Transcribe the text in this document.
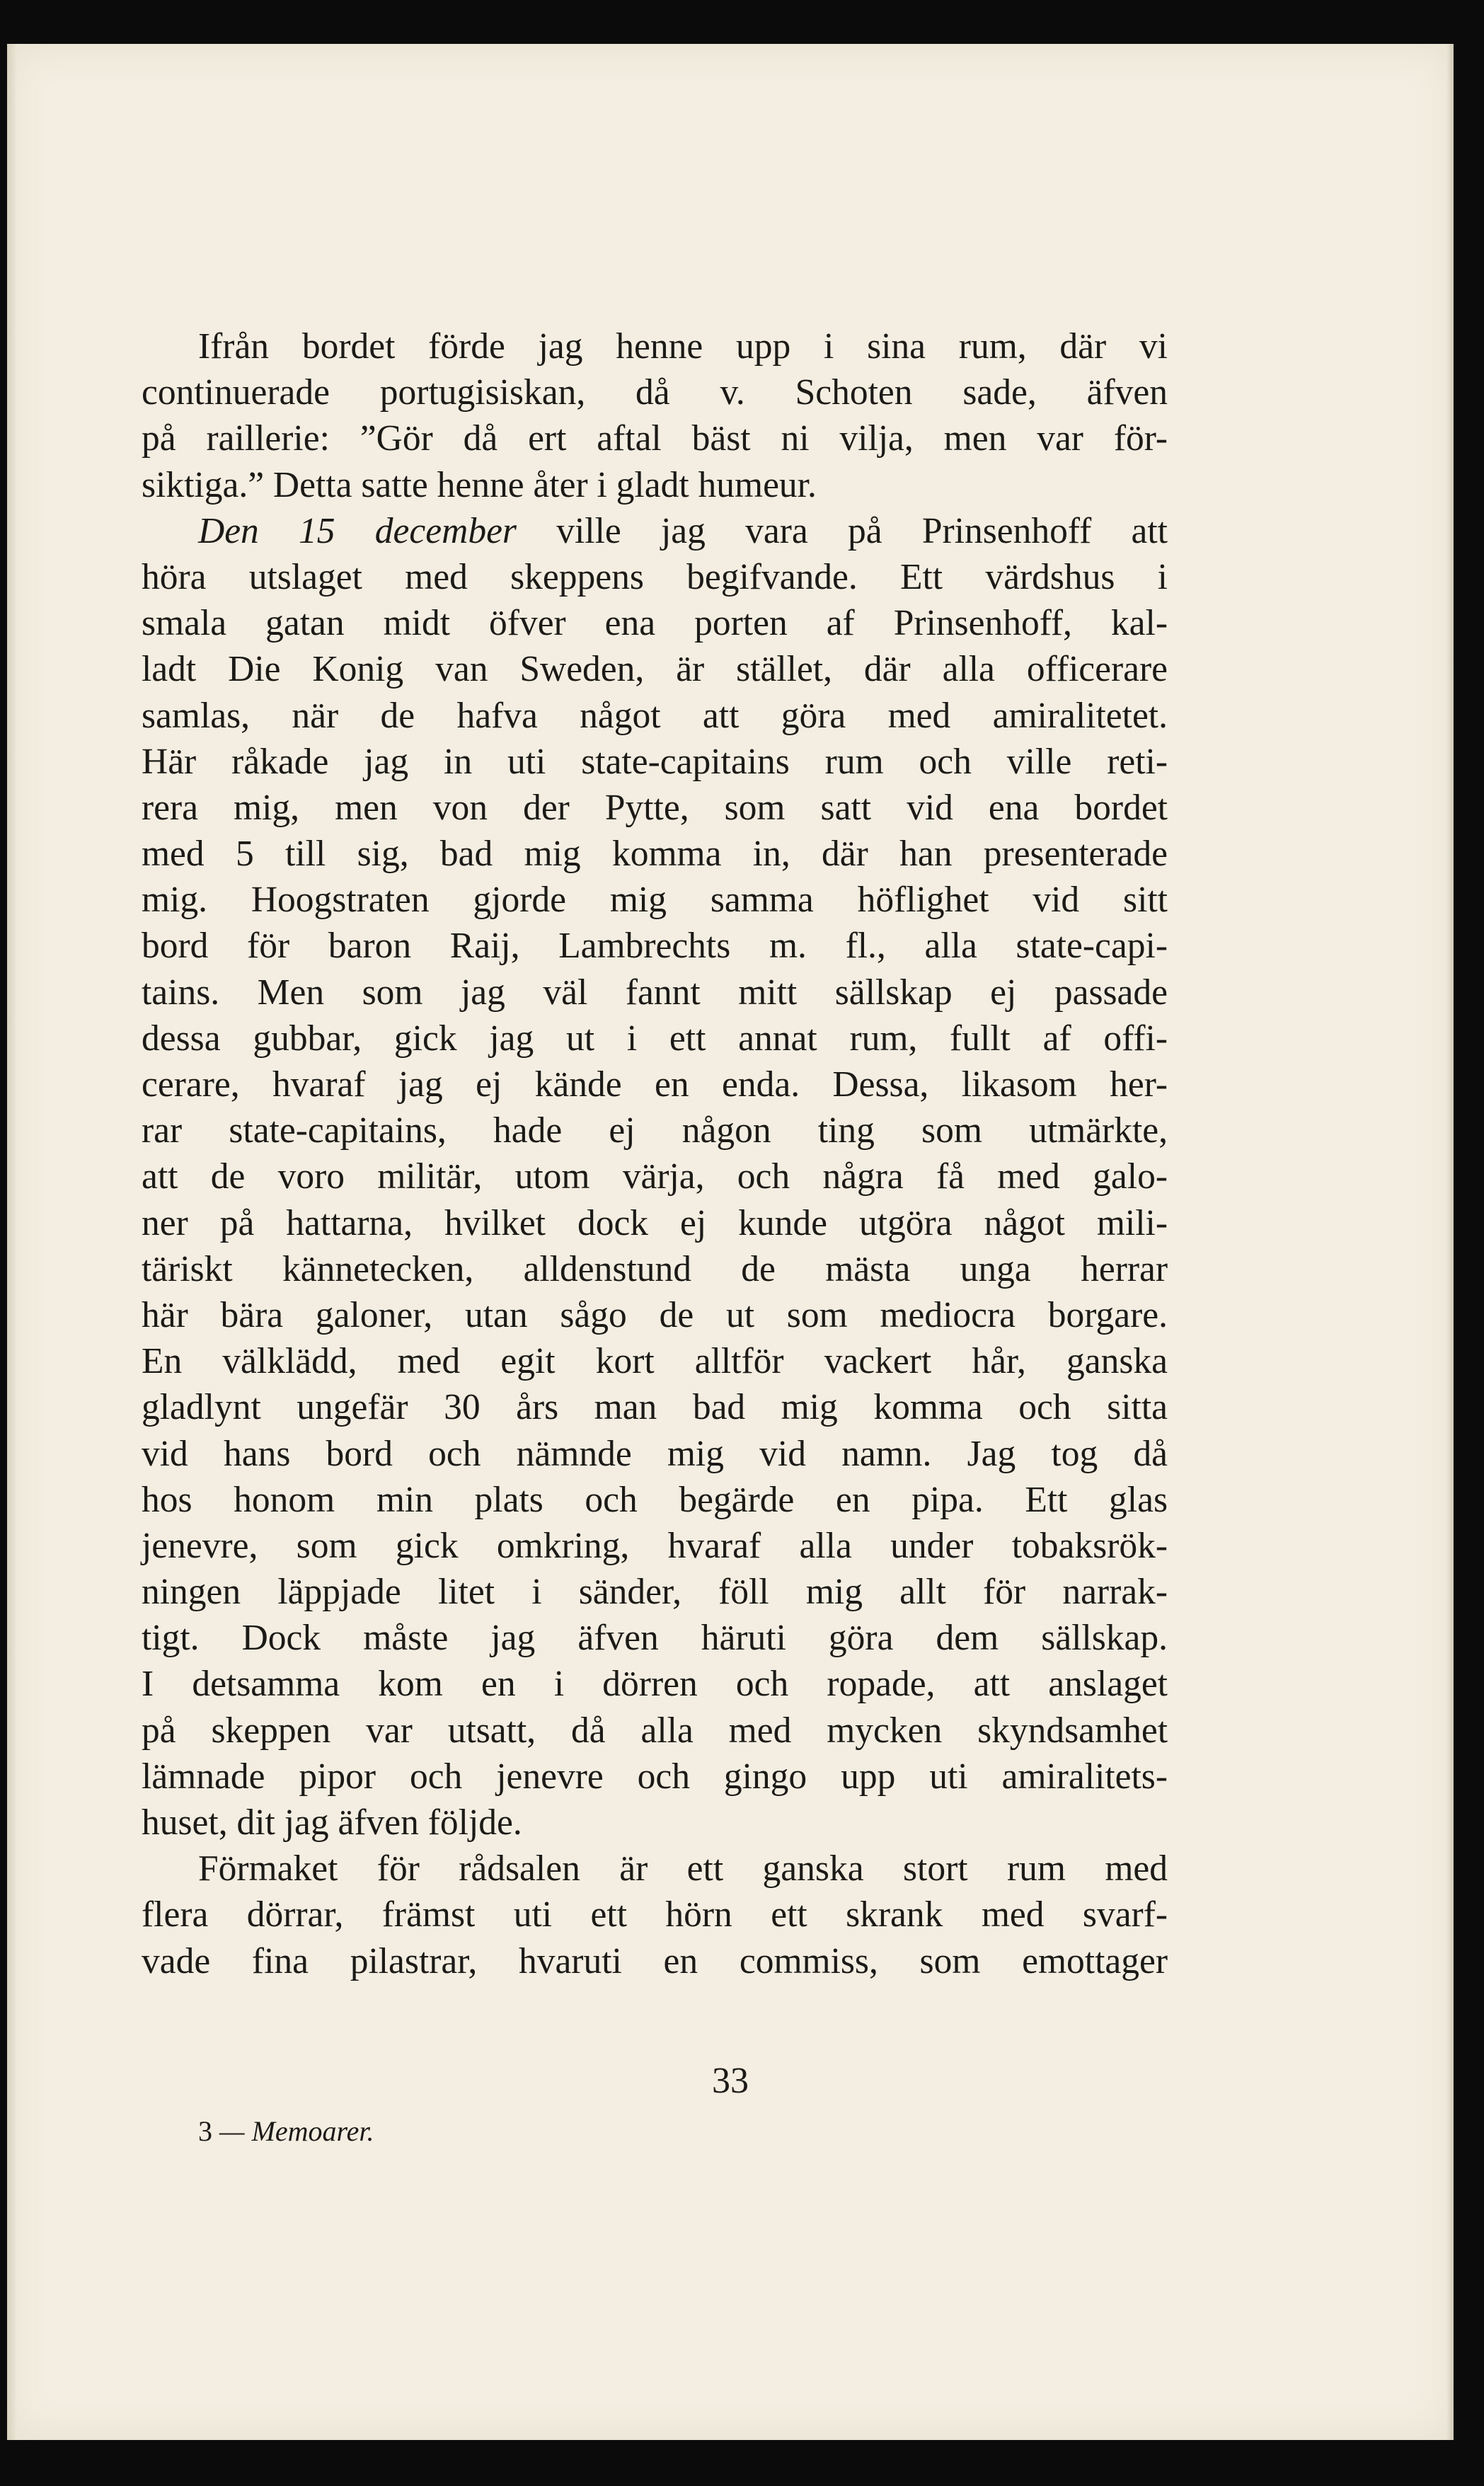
Ifrån bordet förde jag henne upp i sina rum, där vi
continuerade portugisiskan, då v. Schoten sade, äfven
på raillerie: ”Gör då ert aftal bäst ni vilja, men var för-
siktiga.” Detta satte henne åter i gladt humeur.
Den 15 december ville jag vara på Prinsenhoff att
höra utslaget med skeppens begifvande. Ett värdshus i
smala gatan midt öfver ena porten af Prinsenhoff, kal-
ladt Die Konig van Sweden, är stället, där alla officerare
samlas, när de hafva något att göra med amiralitetet.
Här råkade jag in uti state-capitains rum och ville reti-
rera mig, men von der Pytte, som satt vid ena bordet
med 5 till sig, bad mig komma in, där han presenterade
mig. Hoogstraten gjorde mig samma höflighet vid sitt
bord för baron Raij, Lambrechts m. fl., alla state-capi-
tains. Men som jag väl fannt mitt sällskap ej passade
dessa gubbar, gick jag ut i ett annat rum, fullt af offi-
cerare, hvaraf jag ej kände en enda. Dessa, likasom her-
rar state-capitains, hade ej någon ting som utmärkte,
att de voro militär, utom värja, och några få med galo-
ner på hattarna, hvilket dock ej kunde utgöra något mili-
täriskt kännetecken, alldenstund de mästa unga herrar
här bära galoner, utan sågo de ut som mediocra borgare.
En välklädd, med egit kort alltför vackert hår, ganska
gladlynt ungefär 30 års man bad mig komma och sitta
vid hans bord och nämnde mig vid namn. Jag tog då
hos honom min plats och begärde en pipa. Ett glas
jenevre, som gick omkring, hvaraf alla under tobaksrök-
ningen läppjade litet i sänder, föll mig allt för narrak-
tigt. Dock måste jag äfven häruti göra dem sällskap.
I detsamma kom en i dörren och ropade, att anslaget
på skeppen var utsatt, då alla med mycken skyndsamhet
lämnade pipor och jenevre och gingo upp uti amiralitets-
huset, dit jag äfven följde.
Förmaket för rådsalen är ett ganska stort rum med
flera dörrar, främst uti ett hörn ett skrank med svarf-
vade fina pilastrar, hvaruti en commiss, som emottager
33
3 — Memoarer.
